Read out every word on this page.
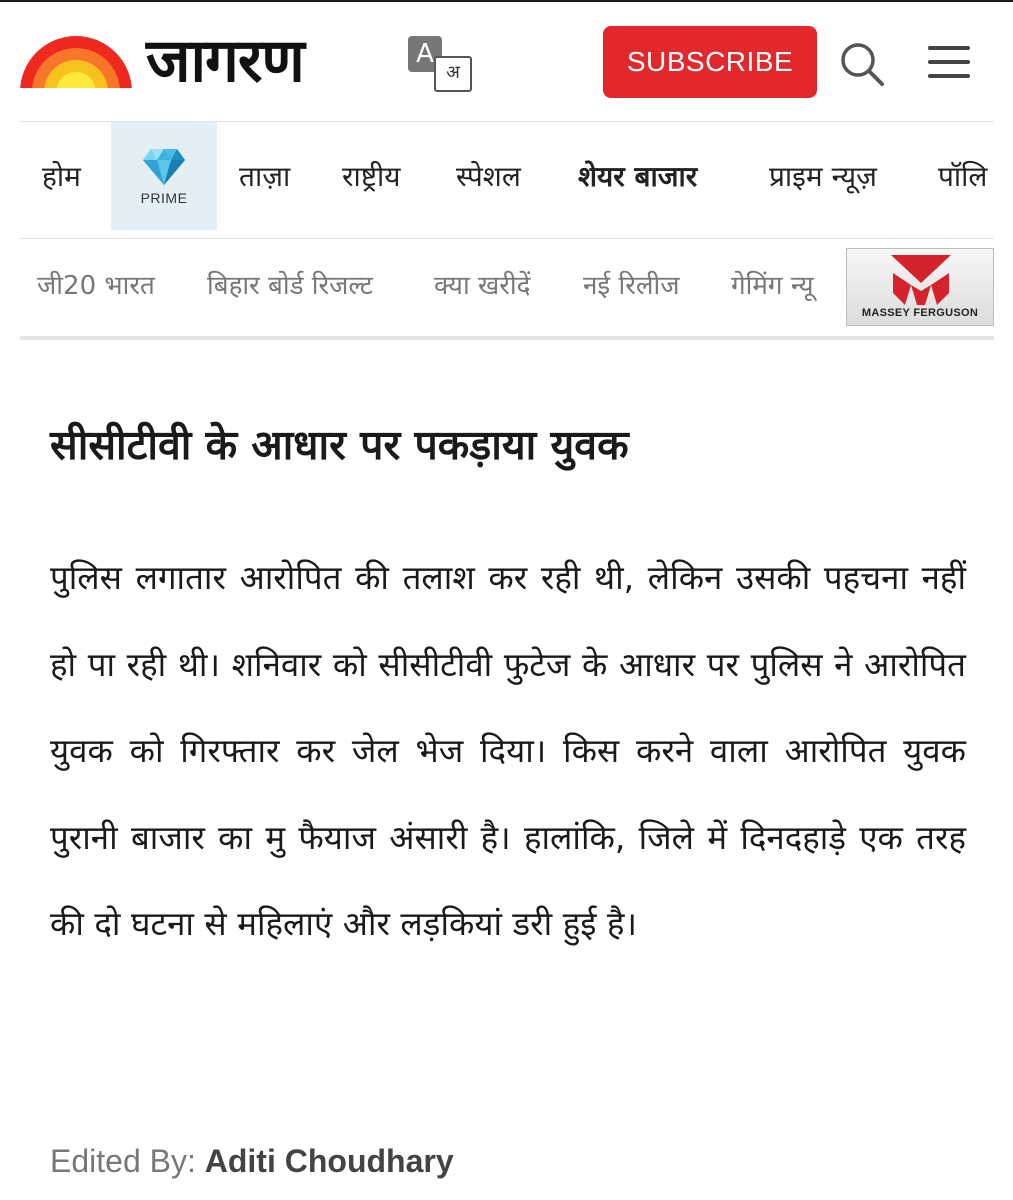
जागरण	A
अ	SUBSCRIBE
होम
PRIME
ताज़ा राष्ट्रीय स्पेशल शेयर बाजार	प्राइम न्यूज़ पॉलि
जी20 भारत बिहार बोर्ड रिजल्ट क्या खरीदें नई रिलीज गेमिंग न्यू
MASSEY FERGUSON
सीसीटीवी के आधार पर पकड़ाया युवक

पुलिस लगातार आरोपित की तलाश कर रही थी, लेकिन उसकी पहचना नहीं हो पा रही थी। शनिवार को सीसीटीवी फुटेज के आधार पर पुलिस ने आरोपित युवक को गिरफ्तार कर जेल भेज दिया। किस करने वाला आरोपित युवक पुरानी बाजार का मु फैयाज अंसारी है। हालांकि, जिले में दिनदहाड़े एक तरह की दो घटना से महिलाएं और लड़कियां डरी हुई है।

Edited By: Aditi Choudhary
